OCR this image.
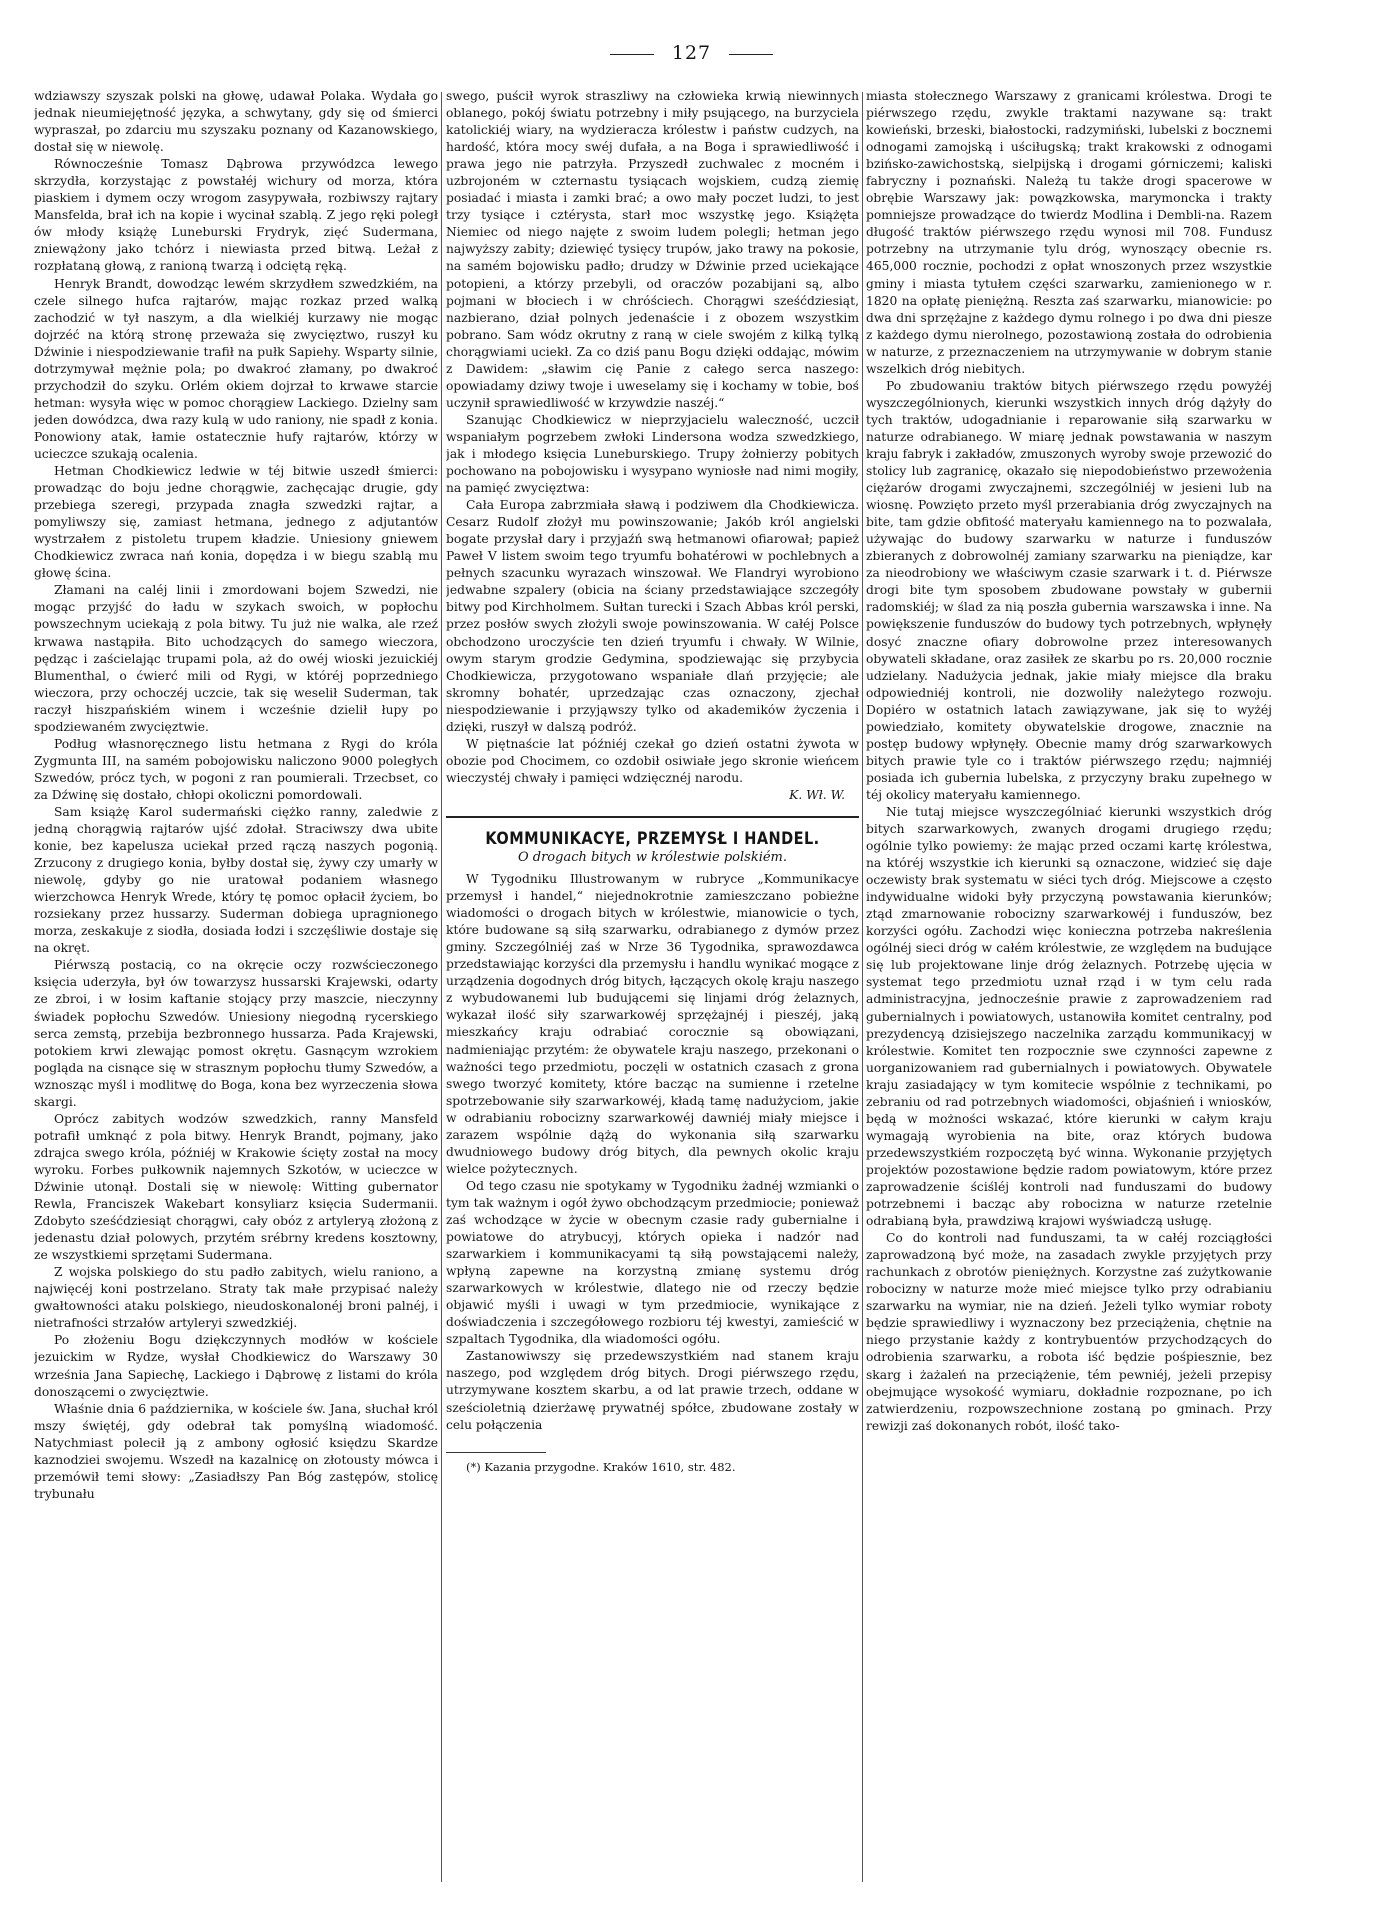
127

wdziawszy szyszak polski na głowę, udawał Polaka. Wydała go jednak nieumiejętność języka, a schwytany, gdy się od śmierci wypraszał, po zdarciu mu szyszaku poznany od Kazanowskiego, dostał się w niewolę.

Równocześnie Tomasz Dąbrowa przywódzca lewego skrzydła, korzystając z powstałéj wichury od morza, która piaskiem i dymem oczy wrogom zasypywała, rozbiwszy rajtary Mansfelda, brał ich na kopie i wycinał szablą. Z jego ręki poległ ów młody książę Luneburski Frydryk, zięć Sudermana, zniewążony jako tchórz i niewiasta przed bitwą. Leżał z rozpłataną głową, z ranioną twarzą i odciętą ręką.

Henryk Brandt, dowodząc lewém skrzydłem szwedzkiém, na czele silnego hufca rajtarów, mając rozkaz przed walką zachodzić w tył naszym, a dla wielkiéj kurzawy nie mogąc dojrzéć na którą stronę przeważa się zwycięztwo, ruszył ku Dźwinie i niespodziewanie trafił na pułk Sapiehy. Wsparty silnie, dotrzymywał mężnie pola; po dwakroć złamany, po dwakroć przychodził do szyku. Orlém okiem dojrzał to krwawe starcie hetman: wysyła więc w pomoc chorągiew Lackiego. Dzielny sam jeden dowódzca, dwa razy kulą w udo raniony, nie spadł z konia. Ponowiony atak, łamie ostatecznie hufy rajtarów, którzy w ucieczce szukają ocalenia.

Hetman Chodkiewicz ledwie w téj bitwie uszedł śmierci: prowadząc do boju jedne chorągwie, zachęcając drugie, gdy przebiega szeregi, przypada znagła szwedzki rajtar, a pomyliwszy się, zamiast hetmana, jednego z adjutantów wystrzałem z pistoletu trupem kładzie. Uniesiony gniewem Chodkiewicz zwraca nań konia, dopędza i w biegu szablą mu głowę ścina.

Złamani na caléj linii i zmordowani bojem Szwedzi, nie mogąc przyjść do ładu w szykach swoich, w popłochu powszechnym uciekają z pola bitwy. Tu już nie walka, ale rzeź krwawa nastąpiła. Bito uchodzących do samego wieczora, pędząc i zaścielając trupami pola, aż do owéj wioski jezuickiéj Blumenthal, o ćwierć mili od Rygi, w któréj poprzedniego wieczora, przy ochoczéj uczcie, tak się weselił Suderman, tak raczył hiszpańskiém winem i wcześnie dzielił łupy po spodziewaném zwycięztwie.

Podług własnoręcznego listu hetmana z Rygi do króla Zygmunta III, na samém pobojowisku naliczono 9000 poległych Szwedów, prócz tych, w pogoni z ran poumierali. Trzecbset, co za Dźwinę się dostało, chłopi okoliczni pomordowali.

Sam książę Karol sudermański ciężko ranny, zaledwie z jedną chorągwią rajtarów ujść zdołał. Straciwszy dwa ubite konie, bez kapelusza uciekał przed rączą naszych pogonią. Zrzucony z drugiego konia, byłby dostał się, żywy czy umarły w niewolę, gdyby go nie uratował podaniem własnego wierzchowca Henryk Wrede, który tę pomoc opłacił życiem, bo rozsiekany przez hussarzy. Suderman dobiega upragnionego morza, zeskakuje z siodła, dosiada łodzi i szczęśliwie dostaje się na okręt.

Piérwszą postacią, co na okręcie oczy rozwścieczonego księcia uderzyła, był ów towarzysz hussarski Krajewski, odarty ze zbroi, i w łosim kaftanie stojący przy maszcie, nieczynny świadek popłochu Szwedów. Uniesiony niegodną rycerskiego serca zemstą, przebija bezbronnego hussarza. Pada Krajewski, potokiem krwi zlewając pomost okrętu. Gasnącym wzrokiem pogląda na cisnące się w strasznym popłochu tłumy Szwedów, a wznosząc myśl i modlitwę do Boga, kona bez wyrzeczenia słowa skargi.

Oprócz zabitych wodzów szwedzkich, ranny Mansfeld potrafił umknąć z pola bitwy. Henryk Brandt, pojmany, jako zdrajca swego króla, późniéj w Krakowie ścięty został na mocy wyroku. Forbes pułkownik najemnych Szkotów, w ucieczce w Dźwinie utonął. Dostali się w niewolę: Witting gubernator Rewla, Franciszek Wakebart konsyliarz księcia Sudermanii. Zdobyto sześćdziesiąt chorągwi, cały obóz z artyleryą złożoną z jedenastu dział polowych, przytém srébrny kredens kosztowny, ze wszystkiemi sprzętami Sudermana.

Z wojska polskiego do stu padło zabitych, wielu raniono, a najwięcéj koni postrzelano. Straty tak małe przypisać należy gwałtowności ataku polskiego, nieudoskonalonéj broni palnéj, i nietrafności strzałów artyleryi szwedzkiéj.

Po złożeniu Bogu dziękczynnych modłów w kościele jezuickim w Rydze, wysłał Chodkiewicz do Warszawy 30 września Jana Sapiechę, Lackiego i Dąbrowę z listami do króla donoszącemi o zwycięztwie.

Właśnie dnia 6 października, w kościele św. Jana, słuchał król mszy świętéj, gdy odebrał tak pomyślną wiadomość. Natychmiast polecił ją z ambony ogłosić księdzu Skardze kaznodziei swojemu. Wszedł na kazalnicę on złotousty mówca i przemówił temi słowy: „Zasiadłszy Pan Bóg zastępów, stolicę trybunału

swego, puścił wyrok straszliwy na człowieka krwią niewinnych oblanego, pokój światu potrzebny i miły psującego, na burzyciela katolickiéj wiary, na wydzieracza królestw i państw cudzych, na hardość, która mocy swéj dufała, a na Boga i sprawiedliwość i prawa jego nie patrzyła. Przyszedł zuchwalec z mocném i uzbrojoném w czternastu tysiącach wojskiem, cudzą ziemię posiadać i miasta i zamki brać; a owo mały poczet ludzi, to jest trzy tysiące i cztérysta, starł moc wszystkę jego. Książęta Niemiec od niego najęte z swoim ludem polegli; hetman jego najwyższy zabity; dziewięć tysięcy trupów, jako trawy na pokosie, na samém bojowisku padło; drudzy w Dźwinie przed uciekające potopieni, a którzy przebyli, od oraczów pozabijani są, albo pojmani w błociech i w chróściech. Chorągwi sześćdziesiąt, nazbierano, dział polnych jedenaście i z obozem wszystkim pobrano. Sam wódz okrutny z raną w ciele swojém z kilką tylką chorągwiami uciekł. Za co dziś panu Bogu dzięki oddając, mówim z Dawidem: „sławim cię Panie z całego serca naszego: opowiadamy dziwy twoje i uweselamy się i kochamy w tobie, boś uczynił sprawiedliwość w krzywdzie naszéj.“

Szanując Chodkiewicz w nieprzyjacielu waleczność, uczcił wspaniałym pogrzebem zwłoki Lindersona wodza szwedzkiego, jak i młodego księcia Luneburskiego. Trupy żołnierzy pobitych pochowano na pobojowisku i wysypano wyniosłe nad nimi mogiły, na pamięć zwycięztwa:

Cała Europa zabrzmiała sławą i podziwem dla Chodkiewicza. Cesarz Rudolf złożył mu powinszowanie; Jakób król angielski bogate przysłał dary i przyjaźń swą hetmanowi ofiarował; papież Paweł V listem swoim tego tryumfu bohatérowi w pochlebnych a pełnych szacunku wyrazach winszował. We Flandryi wyrobiono jedwabne szpalery (obicia na ściany przedstawiające szczegóły bitwy pod Kirchholmem. Sułtan turecki i Szach Abbas król perski, przez posłów swych złożyli swoje powinszowania. W całéj Polsce obchodzono uroczyście ten dzień tryumfu i chwały. W Wilnie, owym starym grodzie Gedymina, spodziewając się przybycia Chodkiewicza, przygotowano wspaniałe dlań przyjęcie; ale skromny bohatér, uprzedzając czas oznaczony, zjechał niespodziewanie i przyjąwszy tylko od akademików życzenia i dzięki, ruszył w dalszą podróż.

W piętnaście lat późniéj czekał go dzień ostatni żywota w obozie pod Chocimem, co ozdobił osiwiałe jego skronie wieńcem wieczystéj chwały i pamięci wdzięcznéj narodu.

K. Wł. W.
KOMMUNIKACYE, PRZEMYSŁ I HANDEL.
O drogach bitych w królestwie polskiém.

W Tygodniku Illustrowanym w rubryce „Kommunikacye przemysł i handel,“ niejednokrotnie zamieszczano pobieżne wiadomości o drogach bitych w królestwie, mianowicie o tych, które budowane są siłą szarwarku, odrabianego z dymów przez gminy. Szczególniéj zaś w Nrze 36 Tygodnika, sprawozdawca przedstawiając korzyści dla przemysłu i handlu wynikać mogące z urządzenia dogodnych dróg bitych, łączących okolę kraju naszego z wybudowanemi lub budującemi się linjami dróg żelaznych, wykazał ilość siły szarwarkowéj sprzężajnéj i pieszéj, jaką mieszkańcy kraju odrabiać corocznie są obowiązani, nadmieniając przytém: że obywatele kraju naszego, przekonani o ważności tego przedmiotu, poczęli w ostatnich czasach z grona swego tworzyć komitety, które bacząc na sumienne i rzetelne spotrzebowanie siły szarwarkowéj, kładą tamę nadużyciom, jakie w odrabianiu robocizny szarwarkowéj dawniéj miały miejsce i zarazem wspólnie dążą do wykonania siłą szarwarku dwudniowego budowy dróg bitych, dla pewnych okolic kraju wielce pożytecznych.

Od tego czasu nie spotykamy w Tygodniku żadnéj wzmianki o tym tak ważnym i ogół żywo obchodzącym przedmiocie; ponieważ zaś wchodzące w życie w obecnym czasie rady gubernialne i powiatowe do atrybucyj, których opieka i nadzór nad szarwarkiem i kommunikacyami tą siłą powstającemi należy, wpłyną zapewne na korzystną zmianę systemu dróg szarwarkowych w królestwie, dlatego nie od rzeczy będzie objawić myśli i uwagi w tym przedmiocie, wynikające z doświadczenia i szczegółowego rozbioru téj kwestyi, zamieścić w szpaltach Tygodnika, dla wiadomości ogółu.

Zastanowiwszy się przedewszystkiém nad stanem kraju naszego, pod względem dróg bitych. Drogi piérwszego rzędu, utrzymywane kosztem skarbu, a od lat prawie trzech, oddane w sześcioletnią dzierżawę prywatnéj spółce, zbudowane zostały w celu połączenia

(*) Kazania przygodne. Kraków 1610, str. 482.

miasta stołecznego Warszawy z granicami królestwa. Drogi te piérwszego rzędu, zwykle traktami nazywane są: trakt kowieński, brzeski, białostocki, radzymiński, lubelski z bocznemi odnogami zamojską i uściługską; trakt krakowski z odnogami bzińsko-zawichostską, sielpijską i drogami górniczemi; kaliski fabryczny i poznański. Należą tu także drogi spacerowe w obrębie Warszawy jak: powązkowska, marymoncka i trakty pomniejsze prowadzące do twierdz Modlina i Dembli-na. Razem długość traktów piérwszego rzędu wynosi mil 708. Fundusz potrzebny na utrzymanie tylu dróg, wynoszący obecnie rs. 465,000 rocznie, pochodzi z opłat wnoszonych przez wszystkie gminy i miasta tytułem części szarwarku, zamienionego w r. 1820 na opłatę pieniężną. Reszta zaś szarwarku, mianowicie: po dwa dni sprzężajne z każdego dymu rolnego i po dwa dni piesze z każdego dymu nierolnego, pozostawioną została do odrobienia w naturze, z przeznaczeniem na utrzymywanie w dobrym stanie wszelkich dróg niebitych.

Po zbudowaniu traktów bitych piérwszego rzędu powyżéj wyszczególnionych, kierunki wszystkich innych dróg dążyły do tych traktów, udogadnianie i reparowanie siłą szarwarku w naturze odrabianego. W miarę jednak powstawania w naszym kraju fabryk i zakładów, zmuszonych wyroby swoje przewozić do stolicy lub zagranicę, okazało się niepodobieństwo przewożenia ciężarów drogami zwyczajnemi, szczególniéj w jesieni lub na wiosnę. Powzięto przeto myśl przerabiania dróg zwyczajnych na bite, tam gdzie obfitość materyału kamiennego na to pozwalała, używając do budowy szarwarku w naturze i funduszów zbieranych z dobrowolnéj zamiany szarwarku na pieniądze, kar za nieodrobiony we właściwym czasie szarwark i t. d. Piérwsze drogi bite tym sposobem zbudowane powstały w gubernii radomskiéj; w ślad za nią poszła gubernia warszawska i inne. Na powiększenie funduszów do budowy tych potrzebnych, wpłynęły dosyć znaczne ofiary dobrowolne przez interesowanych obywateli składane, oraz zasiłek ze skarbu po rs. 20,000 rocznie udzielany. Nadużycia jednak, jakie miały miejsce dla braku odpowiedniéj kontroli, nie dozwoliły należytego rozwoju. Dopiéro w ostatnich latach zawiązywane, jak się to wyżéj powiedziało, komitety obywatelskie drogowe, znacznie na postęp budowy wpłynęły. Obecnie mamy dróg szarwarkowych bitych prawie tyle co i traktów piérwszego rzędu; najmniéj posiada ich gubernia lubelska, z przyczyny braku zupełnego w téj okolicy materyału kamiennego.

Nie tutaj miejsce wyszczególniać kierunki wszystkich dróg bitych szarwarkowych, zwanych drogami drugiego rzędu; ogólnie tylko powiemy: że mając przed oczami kartę królestwa, na któréj wszystkie ich kierunki są oznaczone, widzieć się daje oczewisty brak systematu w siéci tych dróg. Miejscowe a często indywidualne widoki były przyczyną powstawania kierunków; ztąd zmarnowanie robocizny szarwarkowéj i funduszów, bez korzyści ogółu. Zachodzi więc konieczna potrzeba nakreślenia ogólnéj sieci dróg w całém królestwie, ze względem na budujące się lub projektowane linje dróg żelaznych. Potrzebę ujęcia w systemat tego przedmiotu uznał rząd i w tym celu rada administracyjna, jednocześnie prawie z zaprowadzeniem rad gubernialnych i powiatowych, ustanowiła komitet centralny, pod prezydencyą dzisiejszego naczelnika zarządu kommunikacyj w królestwie. Komitet ten rozpocznie swe czynności zapewne z uorganizowaniem rad gubernialnych i powiatowych. Obywatele kraju zasiadający w tym komitecie wspólnie z technikami, po zebraniu od rad potrzebnych wiadomości, objaśnień i wniosków, będą w możności wskazać, które kierunki w całym kraju wymagają wyrobienia na bite, oraz których budowa przedewszystkiém rozpoczętą być winna. Wykonanie przyjętych projektów pozostawione będzie radom powiatowym, które przez zaprowadzenie ściśléj kontroli nad funduszami do budowy potrzebnemi i bacząc aby robocizna w naturze rzetelnie odrabianą była, prawdziwą krajowi wyświadczą usługę.

Co do kontroli nad funduszami, ta w całéj rozciągłości zaprowadzoną być może, na zasadach zwykle przyjętych przy rachunkach z obrotów pieniężnych. Korzystne zaś zużytkowanie robocizny w naturze może mieć miejsce tylko przy odrabianiu szarwarku na wymiar, nie na dzień. Jeżeli tylko wymiar roboty będzie sprawiedliwy i wyznaczony bez przeciążenia, chętnie na niego przystanie każdy z kontrybuentów przychodzących do odrobienia szarwarku, a robota iść będzie pośpiesznie, bez skarg i żażaleń na przeciążenie, tém pewniéj, jeżeli przepisy obejmujące wysokość wymiaru, dokładnie rozpoznane, po ich zatwierdzeniu, rozpowszechnione zostaną po gminach. Przy rewizji zaś dokonanych robót, ilość tako-
